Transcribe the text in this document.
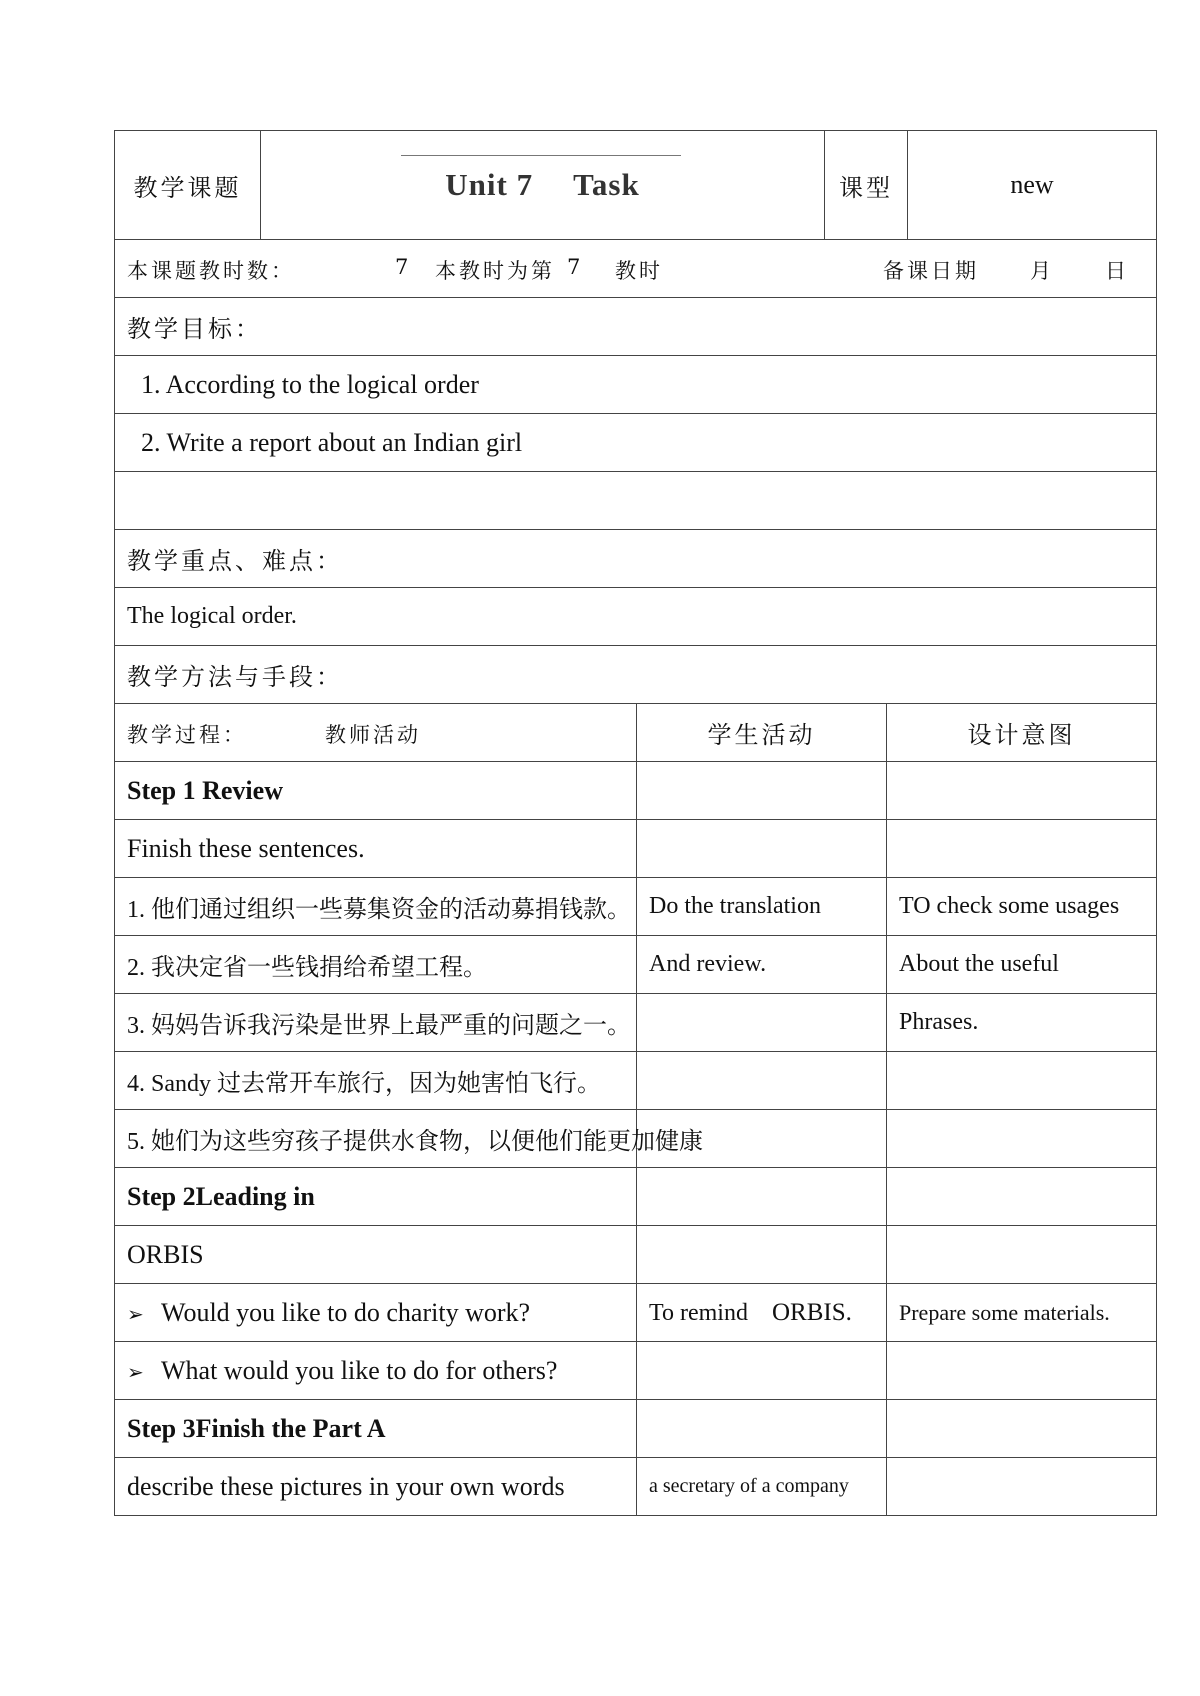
教学课题	Unit 7 Task	课型	new
本课题教时数：	7 本教时为第 7 教时	备课日期 月 日

教学目标：
1. According to the logical order
2. Write a report about an Indian girl

教学重点、难点：
The logical order.
教学方法与手段：
教学过程： 教师活动	学生活动	设计意图
Step 1 Review		
Finish these sentences.		
1. 他们通过组织一些募集资金的活动募捐钱款。	Do the translation	TO check some usages
2. 我决定省一些钱捐给希望工程。	And review.	About the useful
3. 妈妈告诉我污染是世界上最严重的问题之一。		Phrases.
4. Sandy 过去常开车旅行，因为她害怕飞行。		
5. 她们为这些穷孩子提供水食物，以便他们能更加健康		
Step 2Leading in		
ORBIS		
➢ Would you like to do charity work?	To remind ORBIS.	Prepare some materials.
➢ What would you like to do for others?		
Step 3Finish the Part A		
describe these pictures in your own words	a secretary of a company	
